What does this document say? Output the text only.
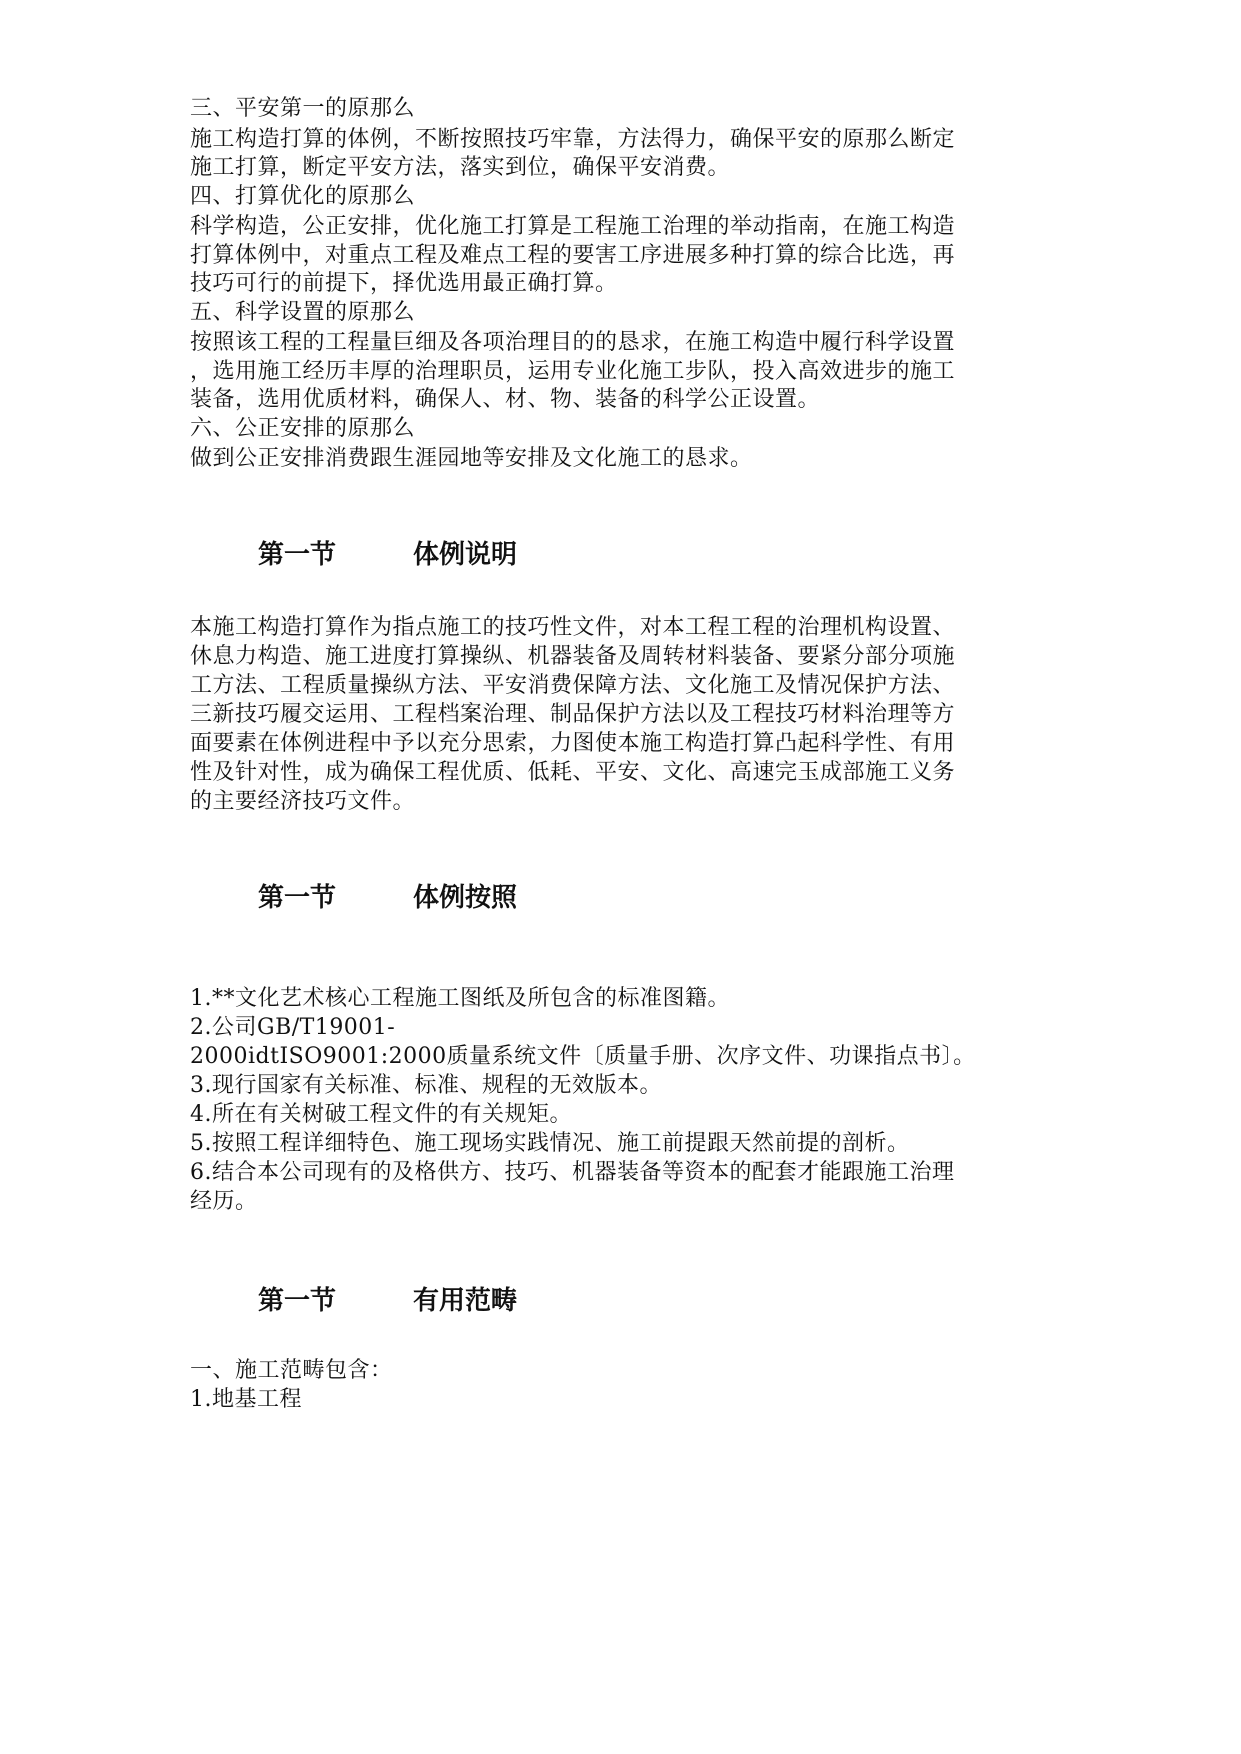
三、平安第一的原那么
施工构造打算的体例，不断按照技巧牢靠，方法得力，确保平安的原那么断定
施工打算，断定平安方法，落实到位，确保平安消费。
四、打算优化的原那么
科学构造，公正安排，优化施工打算是工程施工治理的举动指南，在施工构造
打算体例中，对重点工程及难点工程的要害工序进展多种打算的综合比选，再
技巧可行的前提下，择优选用最正确打算。
五、科学设置的原那么
按照该工程的工程量巨细及各项治理目的的恳求，在施工构造中履行科学设置
，选用施工经历丰厚的治理职员，运用专业化施工步队，投入高效进步的施工
装备，选用优质材料，确保人、材、物、装备的科学公正设置。
六、公正安排的原那么
做到公正安排消费跟生涯园地等安排及文化施工的恳求。
第一节	体例说明
本施工构造打算作为指点施工的技巧性文件，对本工程工程的治理机构设置、
休息力构造、施工进度打算操纵、机器装备及周转材料装备、要紧分部分项施
工方法、工程质量操纵方法、平安消费保障方法、文化施工及情况保护方法、
三新技巧履交运用、工程档案治理、制品保护方法以及工程技巧材料治理等方
面要素在体例进程中予以充分思索，力图使本施工构造打算凸起科学性、有用
性及针对性，成为确保工程优质、低耗、平安、文化、高速完玉成部施工义务
的主要经济技巧文件。
第一节	体例按照
1.**文化艺术核心工程施工图纸及所包含的标准图籍。
2.公司GB/T19001-
2000idtISO9001:2000质量系统文件〔质量手册、次序文件、功课指点书〕。
3.现行国家有关标准、标准、规程的无效版本。
4.所在有关树破工程文件的有关规矩。
5.按照工程详细特色、施工现场实践情况、施工前提跟天然前提的剖析。
6.结合本公司现有的及格供方、技巧、机器装备等资本的配套才能跟施工治理
经历。
第一节	有用范畴
一、施工范畴包含：
1.地基工程
